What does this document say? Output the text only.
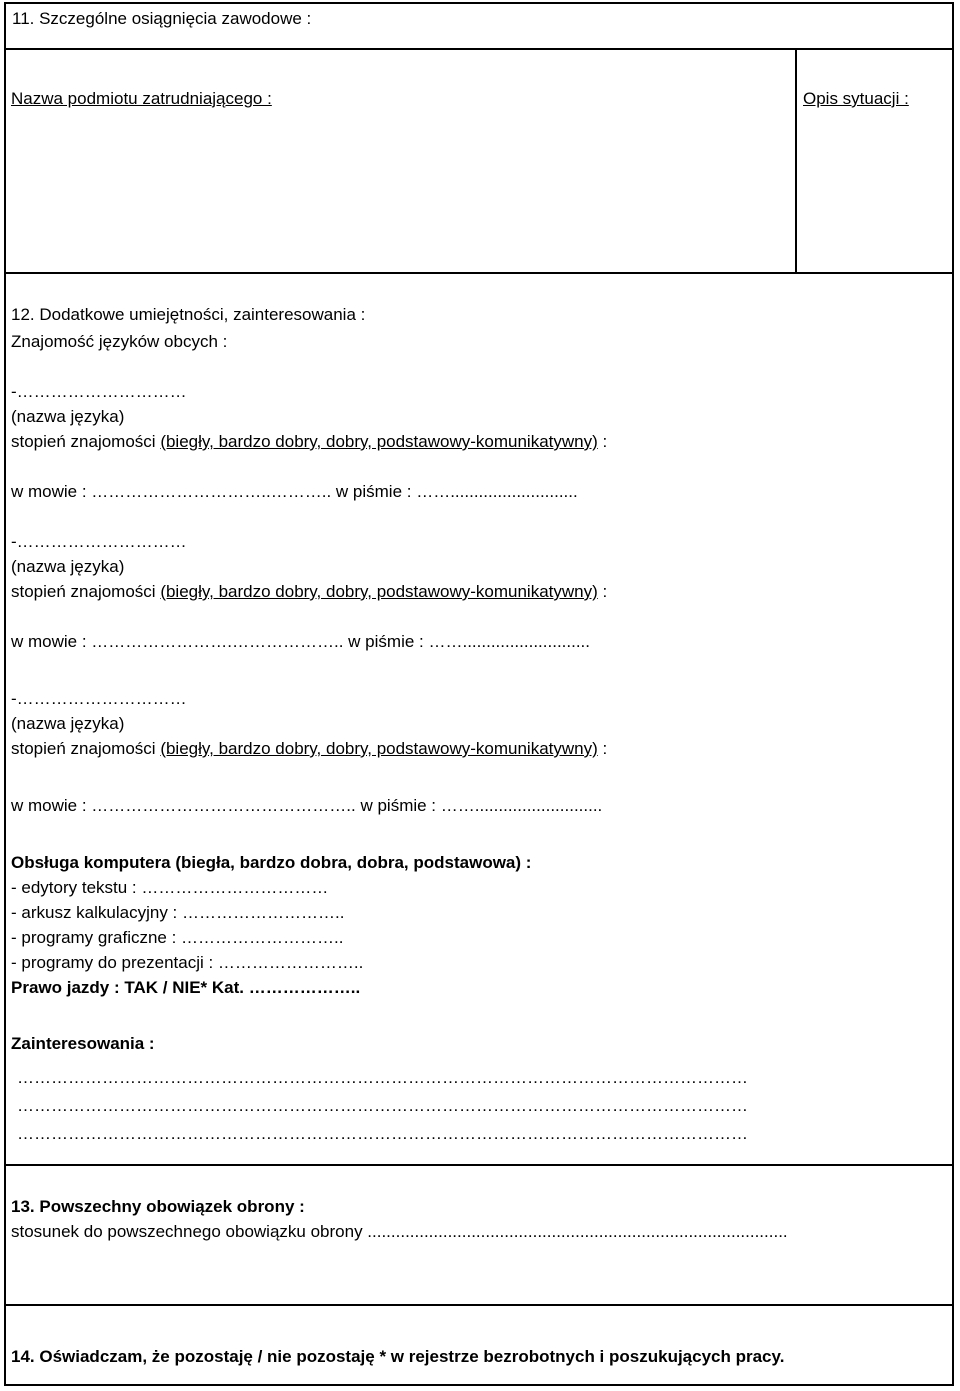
11. Szczególne osiągnięcia zawodowe :
Nazwa podmiotu zatrudniającego :	Opis sytuacji :
12. Dodatkowe umiejętności, zainteresowania :
Znajomość języków obcych :
-…………………………
(nazwa języka)
stopień znajomości (biegły, bardzo dobry, dobry, podstawowy-komunikatywny) :
w mowie : …………………………..……….. w piśmie : ……...........................
-…………………………
(nazwa języka)
stopień znajomości (biegły, bardzo dobry, dobry, podstawowy-komunikatywny) :
w mowie : …………………….……………….. w piśmie : ……...........................
-…………………………
(nazwa języka)
stopień znajomości (biegły, bardzo dobry, dobry, podstawowy-komunikatywny) :
w mowie : ……………………………………….. w piśmie : ……...........................
Obsługa komputera (biegła, bardzo dobra, dobra, podstawowa) :
- edytory tekstu : ……………………………
- arkusz kalkulacyjny : ………………………..
- programy graficzne : ………………………..
- programy do prezentacji : ……………………..
Prawo jazdy : TAK / NIE* Kat. ………………..
Zainteresowania :
…………………………………………………………………………………………………………………
…………………………………………………………………………………………………………………
…………………………………………………………………………………………………………………
13. Powszechny obowiązek obrony :
stosunek do powszechnego obowiązku obrony .........................................................................................
14. Oświadczam, że pozostaję / nie pozostaję * w rejestrze bezrobotnych i poszukujących pracy.
